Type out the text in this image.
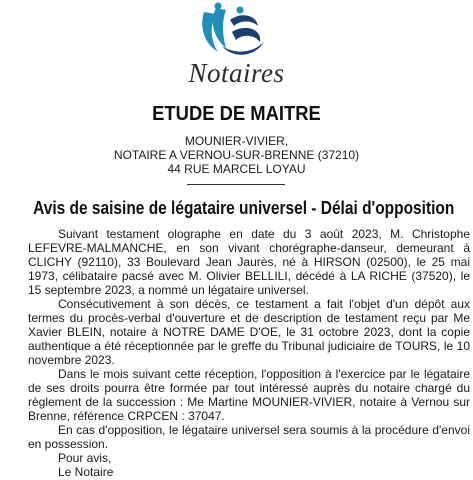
Notaires
ETUDE DE MAITRE
MOUNIER-VIVIER,
NOTAIRE A VERNOU-SUR-BRENNE (37210)
44 RUE MARCEL LOYAU
Avis de saisine de légataire universel - Délai d'opposition

Suivant testament olographe en date du 3 août 2023, M. Christophe LEFEVRE-MALMANCHE, en son vivant chorégraphe-danseur, demeurant à CLICHY (92110), 33 Boulevard Jean Jaurès, né à HIRSON (02500), le 25 mai 1973, célibataire pacsé avec M. Olivier BELLILI, décédé à LA RICHE (37520), le 15 septembre 2023, a nommé un légataire universel.

Consécutivement à son décès, ce testament a fait l'objet d'un dépôt aux termes du procès-verbal d'ouverture et de description de testament reçu par Me Xavier BLEIN, notaire à NOTRE DAME D'OE, le 31 octobre 2023, dont la copie authentique a été réceptionnée par le greffe du Tribunal judiciaire de TOURS, le 10 novembre 2023.

Dans le mois suivant cette réception, l'opposition à l'exercice par le légataire de ses droits pourra être formée par tout intéressé auprès du notaire chargé du règlement de la succession : Me Martine MOUNIER-VIVIER, notaire à Vernou sur Brenne, référence CRPCEN : 37047.

En cas d'opposition, le légataire universel sera soumis à la procédure d'envoi en possession.

Pour avis,
Le Notaire
